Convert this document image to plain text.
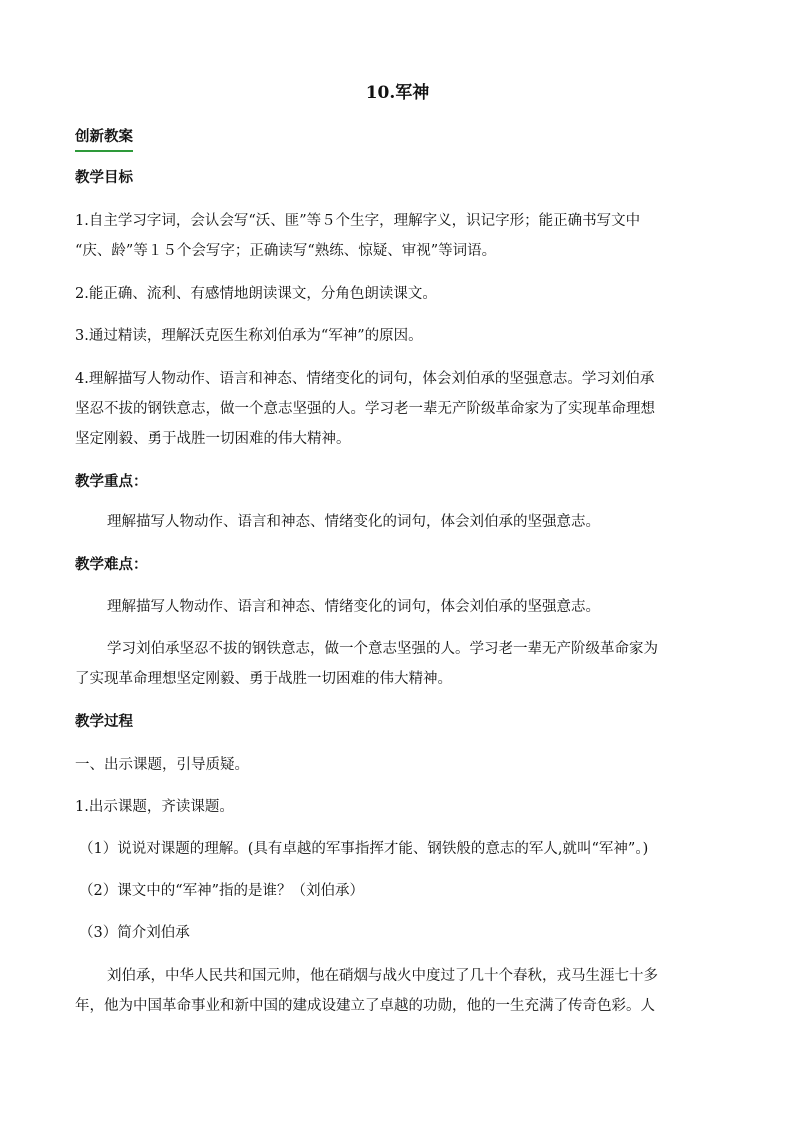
10.军神
创新教案
教学目标
1.自主学习字词，会认会写“沃、匪”等５个生字，理解字义，识记字形；能正确书写文中
“庆、龄”等１５个会写字；正确读写“熟练、惊疑、审视”等词语。
2.能正确、流利、有感情地朗读课文，分角色朗读课文。
3.通过精读，理解沃克医生称刘伯承为“军神”的原因。
4.理解描写人物动作、语言和神态、情绪变化的词句，体会刘伯承的坚强意志。学习刘伯承
坚忍不拔的钢铁意志，做一个意志坚强的人。学习老一辈无产阶级革命家为了实现革命理想
坚定刚毅、勇于战胜一切困难的伟大精神。
教学重点：
理解描写人物动作、语言和神态、情绪变化的词句，体会刘伯承的坚强意志。
教学难点：
理解描写人物动作、语言和神态、情绪变化的词句，体会刘伯承的坚强意志。
学习刘伯承坚忍不拔的钢铁意志，做一个意志坚强的人。学习老一辈无产阶级革命家为
了实现革命理想坚定刚毅、勇于战胜一切困难的伟大精神。
教学过程
一、出示课题，引导质疑。
1.出示课题，齐读课题。
（1）说说对课题的理解。(具有卓越的军事指挥才能、钢铁般的意志的军人,就叫“军神”。)
（2）课文中的“军神”指的是谁？（刘伯承）
（3）简介刘伯承
刘伯承，中华人民共和国元帅，他在硝烟与战火中度过了几十个春秋，戎马生涯七十多
年，他为中国革命事业和新中国的建成设建立了卓越的功勋，他的一生充满了传奇色彩。人
